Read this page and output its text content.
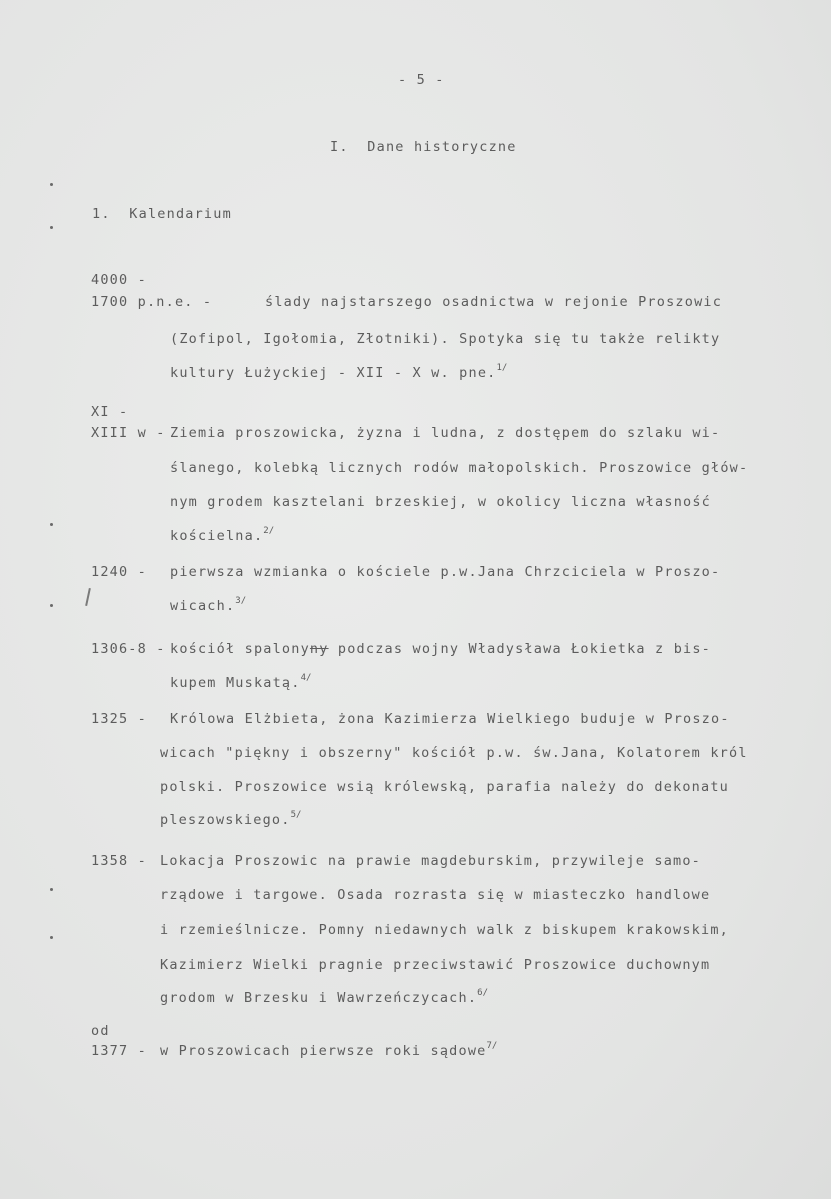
- 5 -
I.  Dane historyczne
1.  Kalendarium
4000 -
1700 p.n.e. -	ślady najstarszego osadnictwa w rejonie Proszowic
(Zofipol, Igołomia, Złotniki). Spotyka się tu także relikty
kultury Łużyckiej - XII - X w. pne.$^{1/}$
XI -
XIII w - Ziemia proszowicka, żyzna i ludna, z dostępem do szlaku wi-
ślanego, kolebką licznych rodów małopolskich. Proszowice głów-
nym grodem kasztelani brzeskiej, w okolicy liczna własność
kościelna.$^{2/}$
1240 - pierwsza wzmianka o kościele p.w.Jana Chrzciciela w Proszo-
wicach.$^{3/}$
1306-8 - kościół spalonyny podczas wojny Władysława Łokietka z bis-
kupem Muskatą.$^{4/}$
1325 - Królowa Elżbieta, żona Kazimierza Wielkiego buduje w Proszo-
wicach "piękny i obszerny" kościół p.w. św.Jana, Kolatorem król
polski. Proszowice wsią królewską, parafia należy do dekonatu
pleszowskiego.$^{5/}$
1358 - Lokacja Proszowic na prawie magdeburskim, przywileje samo-
rządowe i targowe. Osada rozrasta się w miasteczko handlowe
i rzemieślnicze. Pomny niedawnych walk z biskupem krakowskim,
Kazimierz Wielki pragnie przeciwstawić Proszowice duchownym
grodom w Brzesku i Wawrzeńczycach.$^{6/}$
od
1377 - w Proszowicach pierwsze roki sądowe$^{7/}$
